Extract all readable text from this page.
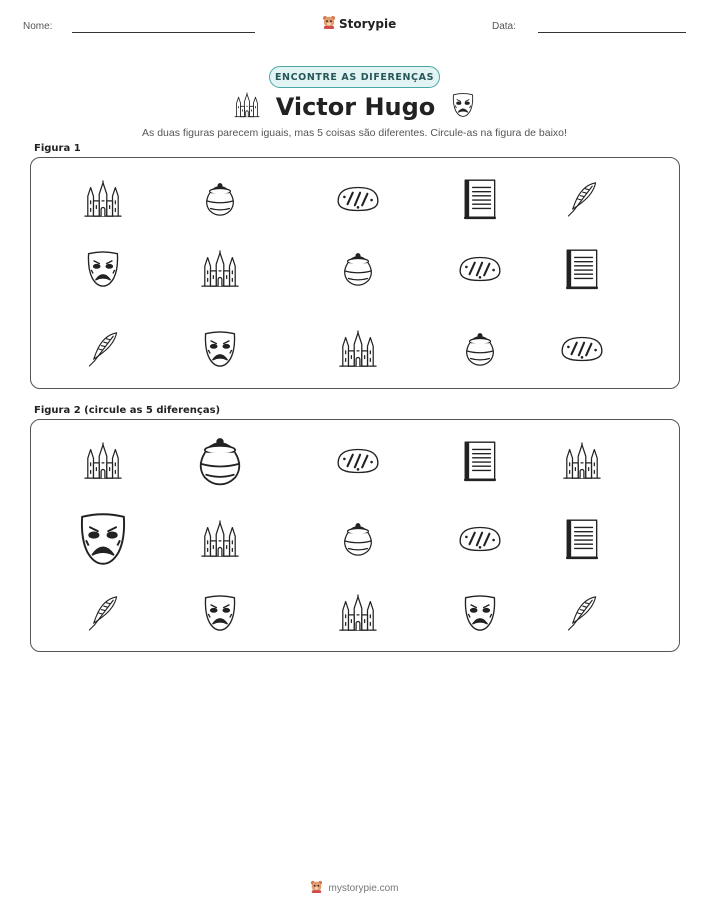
Nome:	Storypie	Data:
ENCONTRE AS DIFERENÇAS
Victor Hugo
As duas figuras parecem iguais, mas 5 coisas são diferentes. Circule-as na figura de baixo!
Figura 1
Figura 2 (circule as 5 diferenças)
mystorypie.com
